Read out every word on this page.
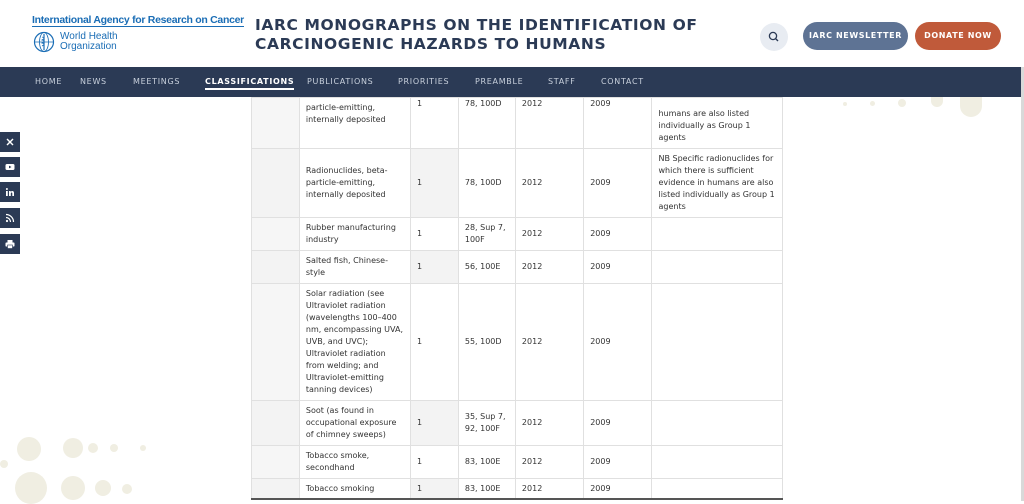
International Agency for Research on Cancer
World Health
Organization
IARC MONOGRAPHS ON THE IDENTIFICATION OF
CARCINOGENIC HAZARDS TO HUMANS	IARC NEWSLETTER	DONATE NOW
HOME NEWS	MEETINGS	CLASSIFICATIONS PUBLICATIONS	PRIORITIES	PREAMBLE	STAFF	CONTACT
	particle-emitting, internally deposited	1	78, 100D	2012	2009	humans are also listed individually as Group 1 agents
	Radionuclides, beta-particle-emitting, internally deposited	1	78, 100D	2012	2009	NB Specific radionuclides for which there is sufficient evidence in humans are also listed individually as Group 1 agents
	Rubber manufacturing industry	1	28, Sup 7, 100F	2012	2009	
	Salted fish, Chinese-style	1	56, 100E	2012	2009	
	Solar radiation (see Ultraviolet radiation (wavelengths 100–400 nm, encompassing UVA, UVB, and UVC); Ultraviolet radiation from welding; and Ultraviolet-emitting tanning devices)	1	55, 100D	2012	2009	
	Soot (as found in occupational exposure of chimney sweeps)	1	35, Sup 7, 92, 100F	2012	2009	
	Tobacco smoke, secondhand	1	83, 100E	2012	2009	
	Tobacco smoking	1	83, 100E	2012	2009	
